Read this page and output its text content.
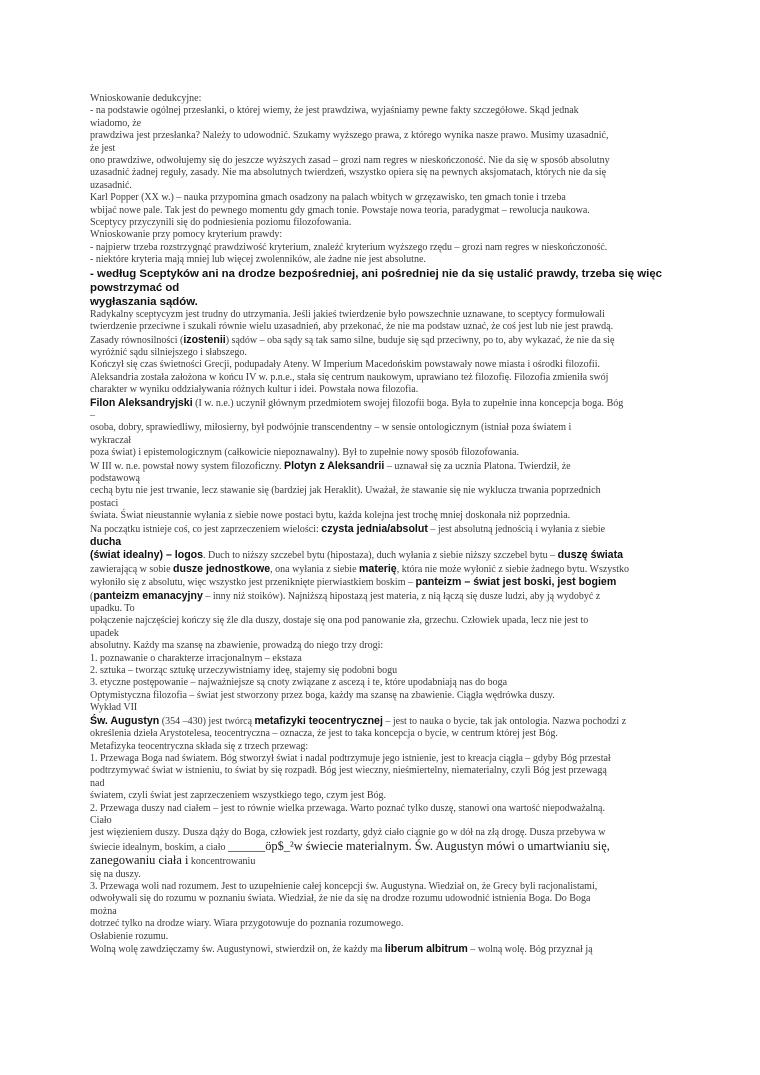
Wnioskowanie dedukcyjne:
- na podstawie ogólnej przesłanki, o której wiemy, że jest prawdziwa, wyjaśniamy pewne fakty szczegółowe. Skąd jednak
wiadomo, że
prawdziwa jest przesłanka? Należy to udowodnić. Szukamy wyższego prawa, z którego wynika nasze prawo. Musimy uzasadnić,
że jest
ono prawdziwe, odwołujemy się do jeszcze wyższych zasad – grozi nam regres w nieskończoność. Nie da się w sposób absolutny
uzasadnić żadnej reguły, zasady. Nie ma absolutnych twierdzeń, wszystko opiera się na pewnych aksjomatach, których nie da się
uzasadnić.
Karl Popper (XX w.) – nauka przypomina gmach osadzony na palach wbitych w grzęzawisko, ten gmach tonie i trzeba
wbijać nowe pale. Tak jest do pewnego momentu gdy gmach tonie. Powstaje nowa teoria, paradygmat – rewolucja naukowa.
Sceptycy przyczynili się do podniesienia poziomu filozofowania.
Wnioskowanie przy pomocy kryterium prawdy:
- najpierw trzeba rozstrzygnąć prawdziwość kryterium, znaleźć kryterium wyższego rzędu – grozi nam regres w nieskończoność.
- niektóre kryteria mają mniej lub więcej zwolenników, ale żadne nie jest absolutne.
- według Sceptyków ani na drodze bezpośredniej, ani pośredniej nie da się ustalić prawdy, trzeba się więc
powstrzymać od
wygłaszania sądów.
Radykalny sceptycyzm jest trudny do utrzymania. Jeśli jakieś twierdzenie było powszechnie uznawane, to sceptycy formułowali
twierdzenie przeciwne i szukali równie wielu uzasadnień, aby przekonać, że nie ma podstaw uznać, że coś jest lub nie jest prawdą.
Zasady równosilności (izostenii) sądów – oba sądy są tak samo silne, buduje się sąd przeciwny, po to, aby wykazać, że nie da się
wyróżnić sądu silniejszego i słabszego.
Kończył się czas świetności Grecji, podupadały Ateny. W Imperium Macedońskim powstawały nowe miasta i ośrodki filozofii.
Aleksandria została założona w końcu IV w. p.n.e., stała się centrum naukowym, uprawiano też filozofię. Filozofia zmieniła swój
charakter w wyniku oddziaływania różnych kultur i idei. Powstała nowa filozofia.
Filon Aleksandryjski (I w. n.e.) uczynił głównym przedmiotem swojej filozofii boga. Była to zupełnie inna koncepcja boga. Bóg
–
osoba, dobry, sprawiedliwy, miłosierny, był podwójnie transcendentny – w sensie ontologicznym (istniał poza światem i
wykraczał
poza świat) i epistemologicznym (całkowicie niepoznawalny). Był to zupełnie nowy sposób filozofowania.
W III w. n.e. powstał nowy system filozoficzny. Plotyn z Aleksandrii – uznawał się za ucznia Platona. Twierdził, że
podstawową
cechą bytu nie jest trwanie, lecz stawanie się (bardziej jak Heraklit). Uważał, że stawanie się nie wyklucza trwania poprzednich
postaci
świata. Świat nieustannie wyłania z siebie nowe postaci bytu, każda kolejna jest trochę mniej doskonała niż poprzednia.
Na początku istnieje coś, co jest zaprzeczeniem wielości: czysta jednia/absolut – jest absolutną jednością i wyłania z siebie
ducha
(świat idealny) – logos. Duch to niższy szczebel bytu (hipostaza), duch wyłania z siebie niższy szczebel bytu – duszę świata
zawierającą w sobie dusze jednostkowe, ona wyłania z siebie materię, która nie może wyłonić z siebie żadnego bytu. Wszystko
wyłoniło się z absolutu, więc wszystko jest przeniknięte pierwiastkiem boskim – panteizm – świat jest boski, jest bogiem
(panteizm emanacyjny – inny niż stoików). Najniższą hipostazą jest materia, z nią łączą się dusze ludzi, aby ją wydobyć z
upadku. To
połączenie najczęściej kończy się źle dla duszy, dostaje się ona pod panowanie zła, grzechu. Człowiek upada, lecz nie jest to
upadek
absolutny. Każdy ma szansę na zbawienie, prowadzą do niego trzy drogi:
1. poznawanie o charakterze irracjonalnym – ekstaza
2. sztuka – tworząc sztukę urzeczywistniamy ideę, stajemy się podobni bogu
3. etyczne postępowanie – najważniejsze są cnoty związane z ascezą i te, które upodabniają nas do boga
Optymistyczna filozofia – świat jest stworzony przez boga, każdy ma szansę na zbawienie. Ciągła wędrówka duszy.
Wykład VII
Św. Augustyn (354 –430) jest twórcą metafizyki teocentrycznej – jest to nauka o bycie, tak jak ontologia. Nazwa pochodzi z
określenia dzieła Arystotelesa, teocentryczna – oznacza, że jest to taka koncepcja o bycie, w centrum której jest Bóg.
Metafizyka teocentryczna składa się z trzech przewag:
1. Przewaga Boga nad światem. Bóg stworzył świat i nadal podtrzymuje jego istnienie, jest to kreacja ciągła – gdyby Bóg przestał
podtrzymywać świat w istnieniu, to świat by się rozpadł. Bóg jest wieczny, nieśmiertelny, niematerialny, czyli Bóg jest przewagą
nad
światem, czyli świat jest zaprzeczeniem wszystkiego tego, czym jest Bóg.
2. Przewaga duszy nad ciałem – jest to równie wielka przewaga. Warto poznać tylko duszę, stanowi ona wartość niepodważalną.
Ciało
jest więzieniem duszy. Dusza dąży do Boga, człowiek jest rozdarty, gdyż ciało ciągnie go w dół na złą drogę. Dusza przebywa w
świecie idealnym, boskim, a ciało ______öp$_²w świecie materialnym. Św. Augustyn mówi o umartwianiu się,
zanegowaniu ciała i koncentrowaniu
się na duszy.
3. Przewaga woli nad rozumem. Jest to uzupełnienie całej koncepcji św. Augustyna. Wiedział on, że Grecy byli racjonalistami,
odwoływali się do rozumu w poznaniu świata. Wiedział, że nie da się na drodze rozumu udowodnić istnienia Boga. Do Boga
można
dotrzeć tylko na drodze wiary. Wiara przygotowuje do poznania rozumowego.
Osłabienie rozumu.
Wolną wolę zawdzięczamy św. Augustynowi, stwierdził on, że każdy ma liberum albitrum – wolną wolę. Bóg przyznał ją
